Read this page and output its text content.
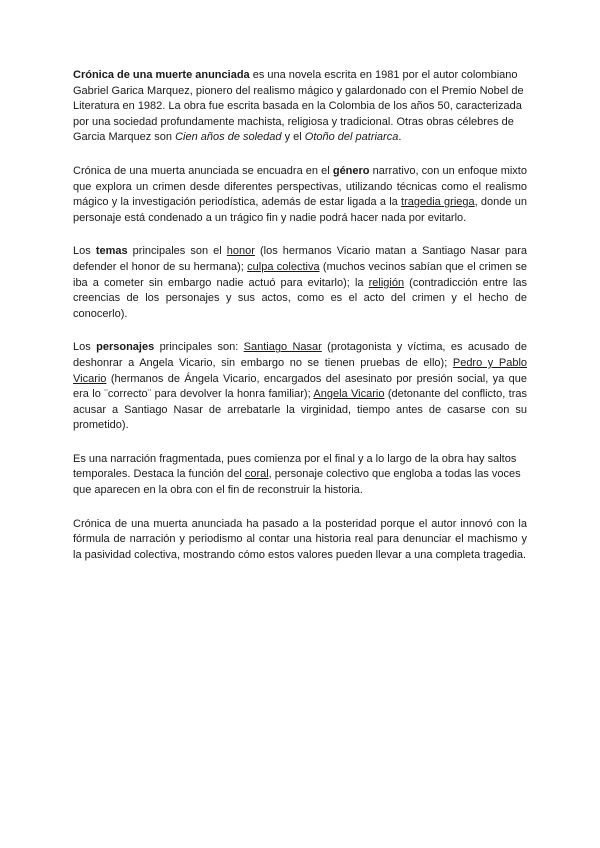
Crónica de una muerte anunciada es una novela escrita en 1981 por el autor colombiano Gabriel Garica Marquez, pionero del realismo mágico y galardonado con el Premio Nobel de Literatura en 1982. La obra fue escrita basada en la Colombia de los años 50, caracterizada por una sociedad profundamente machista, religiosa y tradicional. Otras obras célebres de Garcia Marquez son Cien años de soledad y el Otoño del patriarca.

Crónica de una muerta anunciada se encuadra en el género narrativo, con un enfoque mixto que explora un crimen desde diferentes perspectivas, utilizando técnicas como el realismo mágico y la investigación periodística, además de estar ligada a la tragedia griega, donde un personaje está condenado a un trágico fin y nadie podrá hacer nada por evitarlo.

Los temas principales son el honor (los hermanos Vicario matan a Santiago Nasar para defender el honor de su hermana); culpa colectiva (muchos vecinos sabían que el crimen se iba a cometer sin embargo nadie actuó para evitarlo); la religión (contradicción entre las creencias de los personajes y sus actos, como es el acto del crimen y el hecho de conocerlo).

Los personajes principales son: Santiago Nasar (protagonista y víctima, es acusado de deshonrar a Angela Vicario, sin embargo no se tienen pruebas de ello); Pedro y Pablo Vicario (hermanos de Ángela Vicario, encargados del asesinato por presión social, ya que era lo ¨correcto¨ para devolver la honra familiar); Angela Vicario (detonante del conflicto, tras acusar a Santiago Nasar de arrebatarle la virginidad, tiempo antes de casarse con su prometido).

Es una narración fragmentada, pues comienza por el final y a lo largo de la obra hay saltos temporales. Destaca la función del coral, personaje colectivo que engloba a todas las voces que aparecen en la obra con el fin de reconstruir la historia.

Crónica de una muerta anunciada ha pasado a la posteridad porque el autor innovó con la fórmula de narración y periodismo al contar una historia real para denunciar el machismo y la pasividad colectiva, mostrando cómo estos valores pueden llevar a una completa tragedia.
